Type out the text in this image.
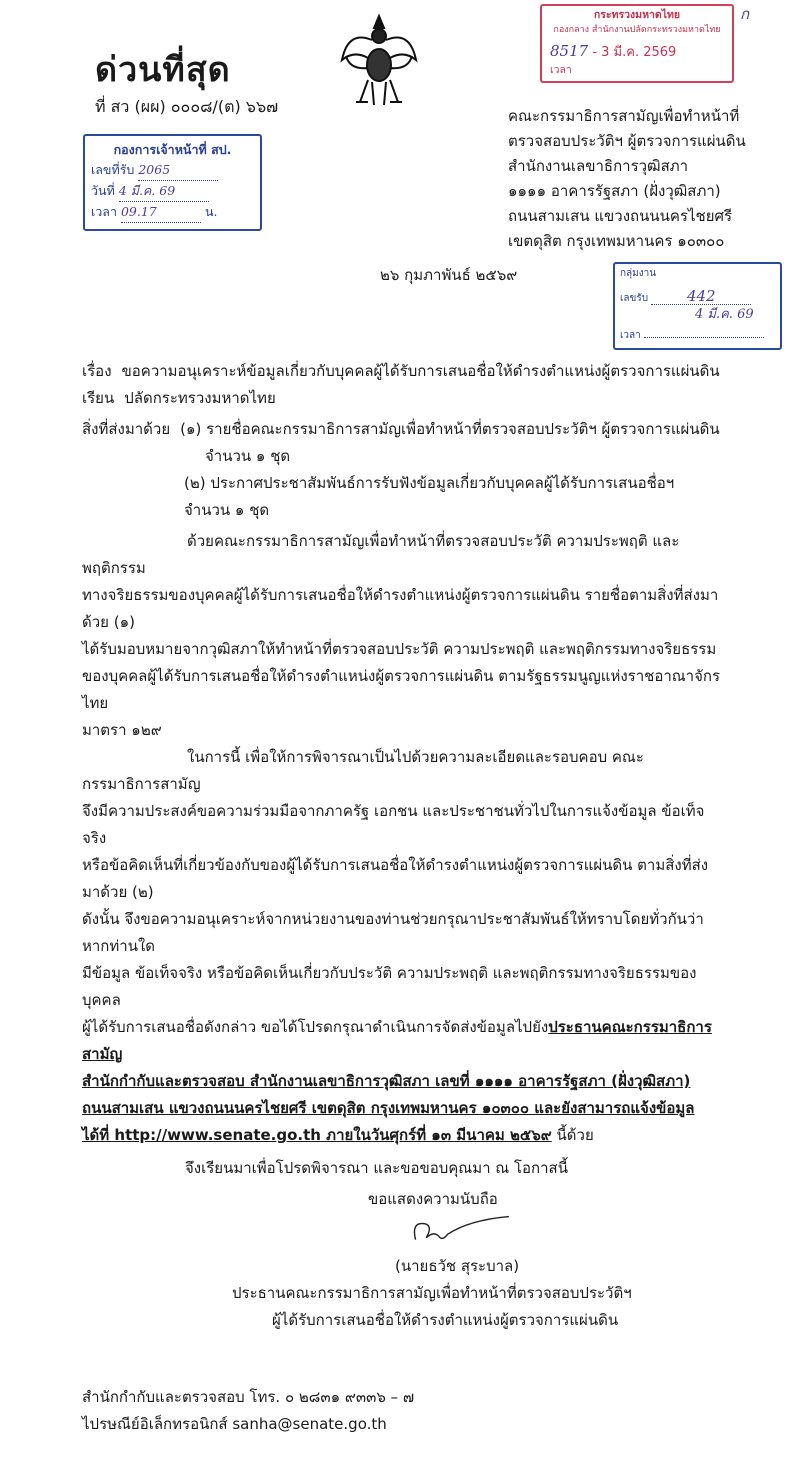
ด่วนที่สุด
ที่ สว (ผผ) ๐๐๐๘/(ต) ๖๖๗
กองการเจ้าหน้าที่ สป.
เลขที่รับ 2065
วันที่ 4 มี.ค. 69
เวลา 09.17	น.
กระทรวงมหาดไทย
กองกลาง สำนักงานปลัดกระทรวงมหาดไทย
8517 - 3 มี.ค. 2569
เวลา
ก
คณะกรรมาธิการสามัญเพื่อทำหน้าที่
ตรวจสอบประวัติฯ ผู้ตรวจการแผ่นดิน
สำนักงานเลขาธิการวุฒิสภา
๑๑๑๑ อาคารรัฐสภา (ฝั่งวุฒิสภา)
ถนนสามเสน แขวงถนนนครไชยศรี
เขตดุสิต กรุงเทพมหานคร ๑๐๓๐๐
๒๖ กุมภาพันธ์ ๒๕๖๙	กลุ่มงาน
เลขรับ	442
4 มี.ค. 69
เวลา
เรื่อง ขอความอนุเคราะห์ข้อมูลเกี่ยวกับบุคคลผู้ได้รับการเสนอชื่อให้ดำรงตำแหน่งผู้ตรวจการแผ่นดิน
เรียน ปลัดกระทรวงมหาดไทย
สิ่งที่ส่งมาด้วย (๑) รายชื่อคณะกรรมาธิการสามัญเพื่อทำหน้าที่ตรวจสอบประวัติฯ ผู้ตรวจการแผ่นดิน
จำนวน ๑ ชุด
(๒) ประกาศประชาสัมพันธ์การรับฟังข้อมูลเกี่ยวกับบุคคลผู้ได้รับการเสนอชื่อฯ จำนวน ๑ ชุด

ด้วยคณะกรรมาธิการสามัญเพื่อทำหน้าที่ตรวจสอบประวัติ ความประพฤติ และพฤติกรรม

ทางจริยธรรมของบุคคลผู้ได้รับการเสนอชื่อให้ดำรงตำแหน่งผู้ตรวจการแผ่นดิน รายชื่อตามสิ่งที่ส่งมาด้วย (๑)

ได้รับมอบหมายจากวุฒิสภาให้ทำหน้าที่ตรวจสอบประวัติ ความประพฤติ และพฤติกรรมทางจริยธรรม

ของบุคคลผู้ได้รับการเสนอชื่อให้ดำรงตำแหน่งผู้ตรวจการแผ่นดิน ตามรัฐธรรมนูญแห่งราชอาณาจักรไทย

มาตรา ๑๒๙

ในการนี้ เพื่อให้การพิจารณาเป็นไปด้วยความละเอียดและรอบคอบ คณะกรรมาธิการสามัญ

จึงมีความประสงค์ขอความร่วมมือจากภาครัฐ เอกชน และประชาชนทั่วไปในการแจ้งข้อมูล ข้อเท็จจริง

หรือข้อคิดเห็นที่เกี่ยวข้องกับของผู้ได้รับการเสนอชื่อให้ดำรงตำแหน่งผู้ตรวจการแผ่นดิน ตามสิ่งที่ส่งมาด้วย (๒)

ดังนั้น จึงขอความอนุเคราะห์จากหน่วยงานของท่านช่วยกรุณาประชาสัมพันธ์ให้ทราบโดยทั่วกันว่า หากท่านใด

มีข้อมูล ข้อเท็จจริง หรือข้อคิดเห็นเกี่ยวกับประวัติ ความประพฤติ และพฤติกรรมทางจริยธรรมของบุคคล

ผู้ได้รับการเสนอชื่อดังกล่าว ขอได้โปรดกรุณาดำเนินการจัดส่งข้อมูลไปยังประธานคณะกรรมาธิการสามัญ

สำนักกำกับและตรวจสอบ สำนักงานเลขาธิการวุฒิสภา เลขที่ ๑๑๑๑ อาคารรัฐสภา (ฝั่งวุฒิสภา)

ถนนสามเสน แขวงถนนนครไชยศรี เขตดุสิต กรุงเทพมหานคร ๑๐๓๐๐ และยังสามารถแจ้งข้อมูล

ได้ที่ http://www.senate.go.th ภายในวันศุกร์ที่ ๑๓ มีนาคม ๒๕๖๙ นี้ด้วย

จึงเรียนมาเพื่อโปรดพิจารณา และขอขอบคุณมา ณ โอกาสนี้

ขอแสดงความนับถือ

(นายธวัช สุระบาล)

ประธานคณะกรรมาธิการสามัญเพื่อทำหน้าที่ตรวจสอบประวัติฯ

ผู้ได้รับการเสนอชื่อให้ดำรงตำแหน่งผู้ตรวจการแผ่นดิน

สำนักกำกับและตรวจสอบ โทร. ๐ ๒๘๓๑ ๙๓๓๖ – ๗

ไปรษณีย์อิเล็กทรอนิกส์ sanha@senate.go.th
